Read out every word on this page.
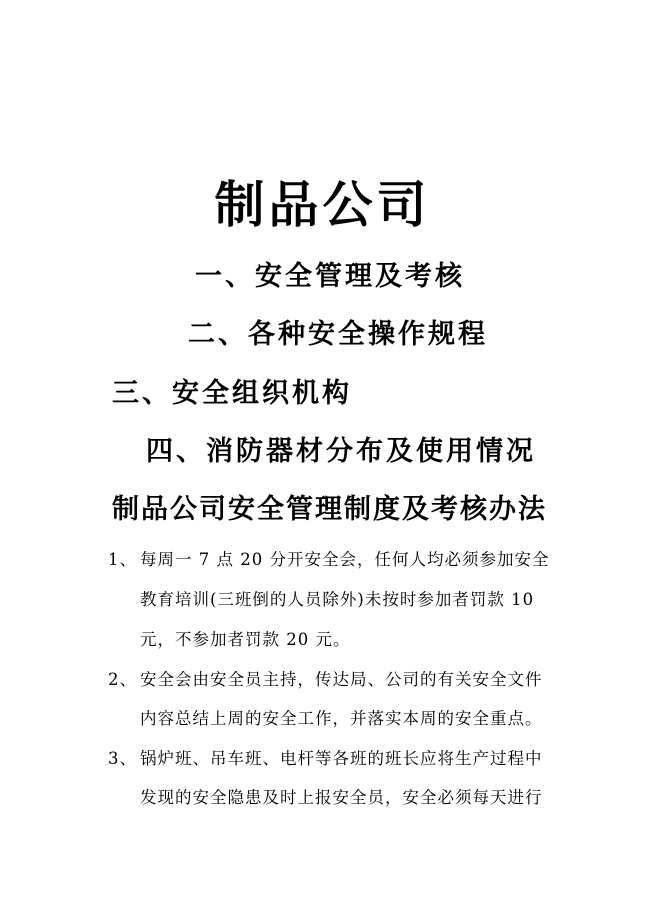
制品公司
一、安全管理及考核
二、各种安全操作规程
三、安全组织机构
四、消防器材分布及使用情况
制品公司安全管理制度及考核办法
1、 每周一 7 点 20 分开安全会，任何人均必须参加安全
教育培训(三班倒的人员除外)未按时参加者罚款 10
元，不参加者罚款 20 元。
2、 安全会由安全员主持，传达局、公司的有关安全文件
内容总结上周的安全工作，并落实本周的安全重点。
3、 锅炉班、吊车班、电杆等各班的班长应将生产过程中
发现的安全隐患及时上报安全员，安全必须每天进行
